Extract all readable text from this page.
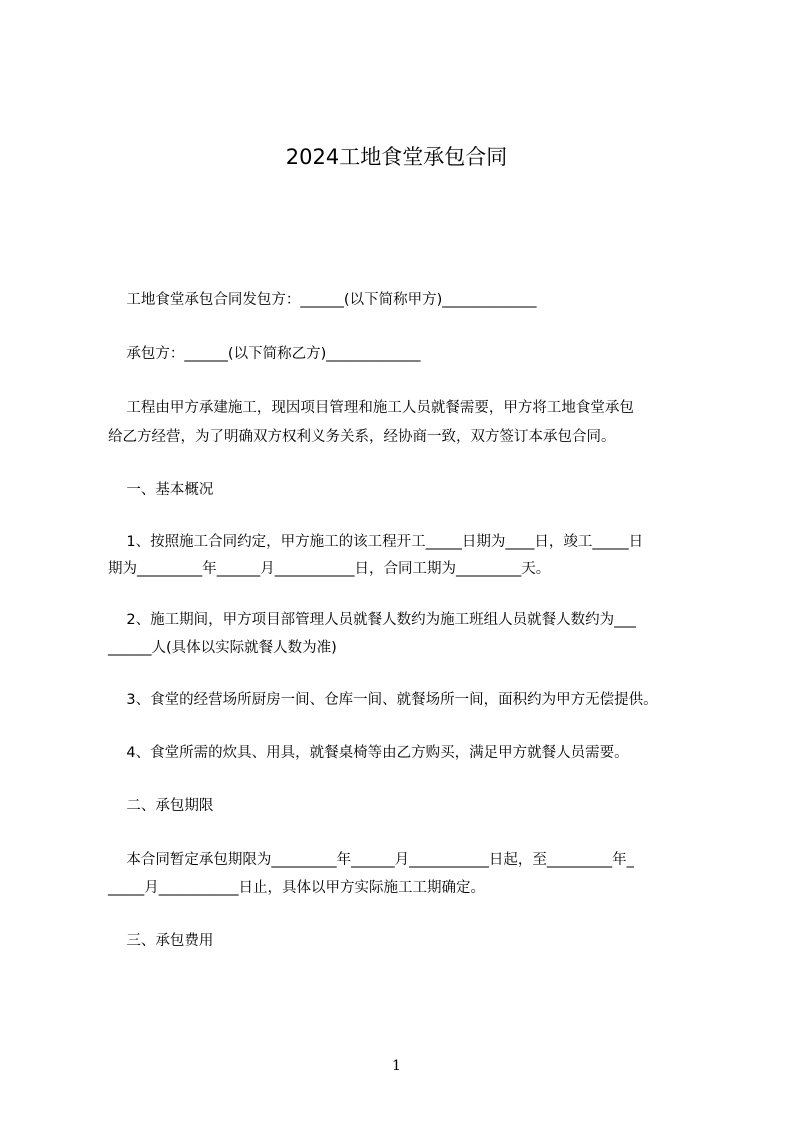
2024工地食堂承包合同
工地食堂承包合同发包方：______(以下简称甲方)_____________
承包方：______(以下简称乙方)_____________
工程由甲方承建施工，现因项目管理和施工人员就餐需要，甲方将工地食堂承包
给乙方经营，为了明确双方权利义务关系，经协商一致，双方签订本承包合同。
一、基本概况
1、按照施工合同约定，甲方施工的该工程开工_____日期为____日，竣工_____日
期为_________年______月___________日，合同工期为_________天。
2、施工期间，甲方项目部管理人员就餐人数约为施工班组人员就餐人数约为___
______人(具体以实际就餐人数为准)
3、食堂的经营场所厨房一间、仓库一间、就餐场所一间，面积约为甲方无偿提供。
4、食堂所需的炊具、用具，就餐桌椅等由乙方购买，满足甲方就餐人员需要。
二、承包期限
本合同暂定承包期限为_________年______月___________日起，至_________年_
_____月___________日止，具体以甲方实际施工工期确定。
三、承包费用
1
